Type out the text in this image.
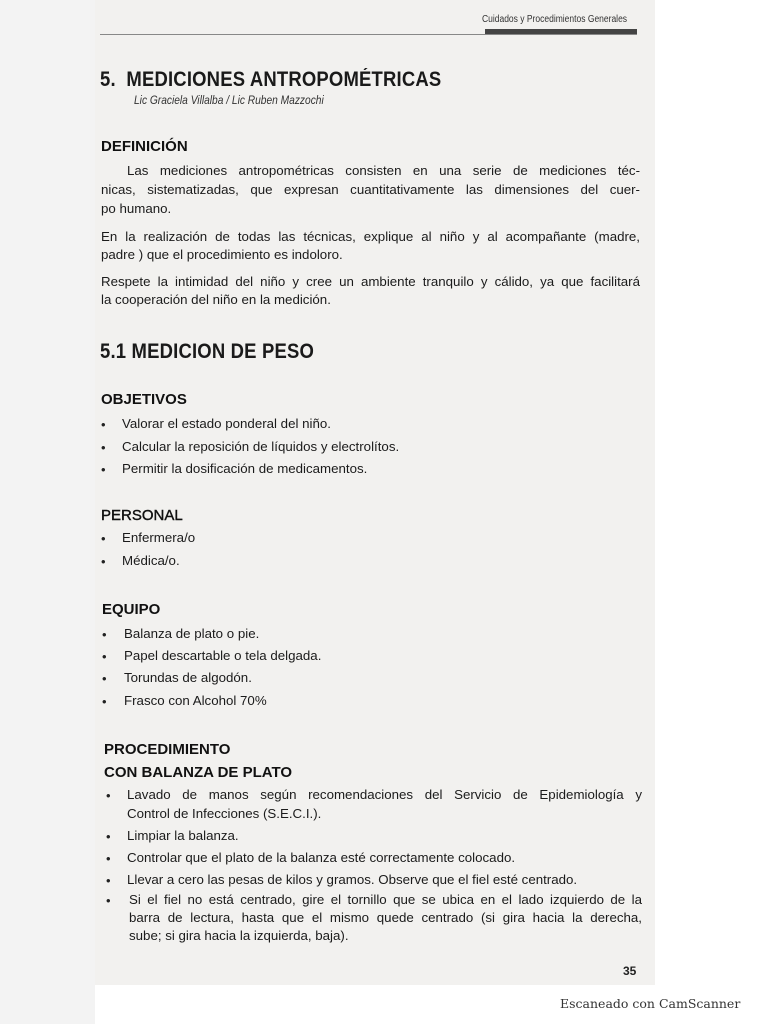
Cuidados y Procedimientos Generales
5. MEDICIONES ANTROPOMÉTRICAS
Lic Graciela Villalba / Lic Ruben Mazzochi
DEFINICIÓN
Las mediciones antropométricas consisten en una serie de mediciones téc-
nicas, sistematizadas, que expresan cuantitativamente las dimensiones del cuer-
po humano.
En la realización de todas las técnicas, explique al niño y al acompañante (madre,
padre ) que el procedimiento es indoloro.
Respete la intimidad del niño y cree un ambiente tranquilo y cálido, ya que facilitará
la cooperación del niño en la medición.
5.1 MEDICION DE PESO
OBJETIVOS
• Valorar el estado ponderal del niño.
• Calcular la reposición de líquidos y electrolítos.
• Permitir la dosificación de medicamentos.
PERSONAL
• Enfermera/o
• Médica/o.
EQUIPO
• Balanza de plato o pie.
• Papel descartable o tela delgada.
• Torundas de algodón.
• Frasco con Alcohol 70%
PROCEDIMIENTO
CON BALANZA DE PLATO
• Lavado de manos según recomendaciones del Servicio de Epidemiología y
Control de Infecciones (S.E.C.I.).
• Limpiar la balanza.
• Controlar que el plato de la balanza esté correctamente colocado.
• Llevar a cero las pesas de kilos y gramos. Observe que el fiel esté centrado.
• Si el fiel no está centrado, gire el tornillo que se ubica en el lado izquierdo de la
barra de lectura, hasta que el mismo quede centrado (si gira hacia la derecha,
sube; si gira hacia la izquierda, baja).
35
Escaneado con CamScanner
